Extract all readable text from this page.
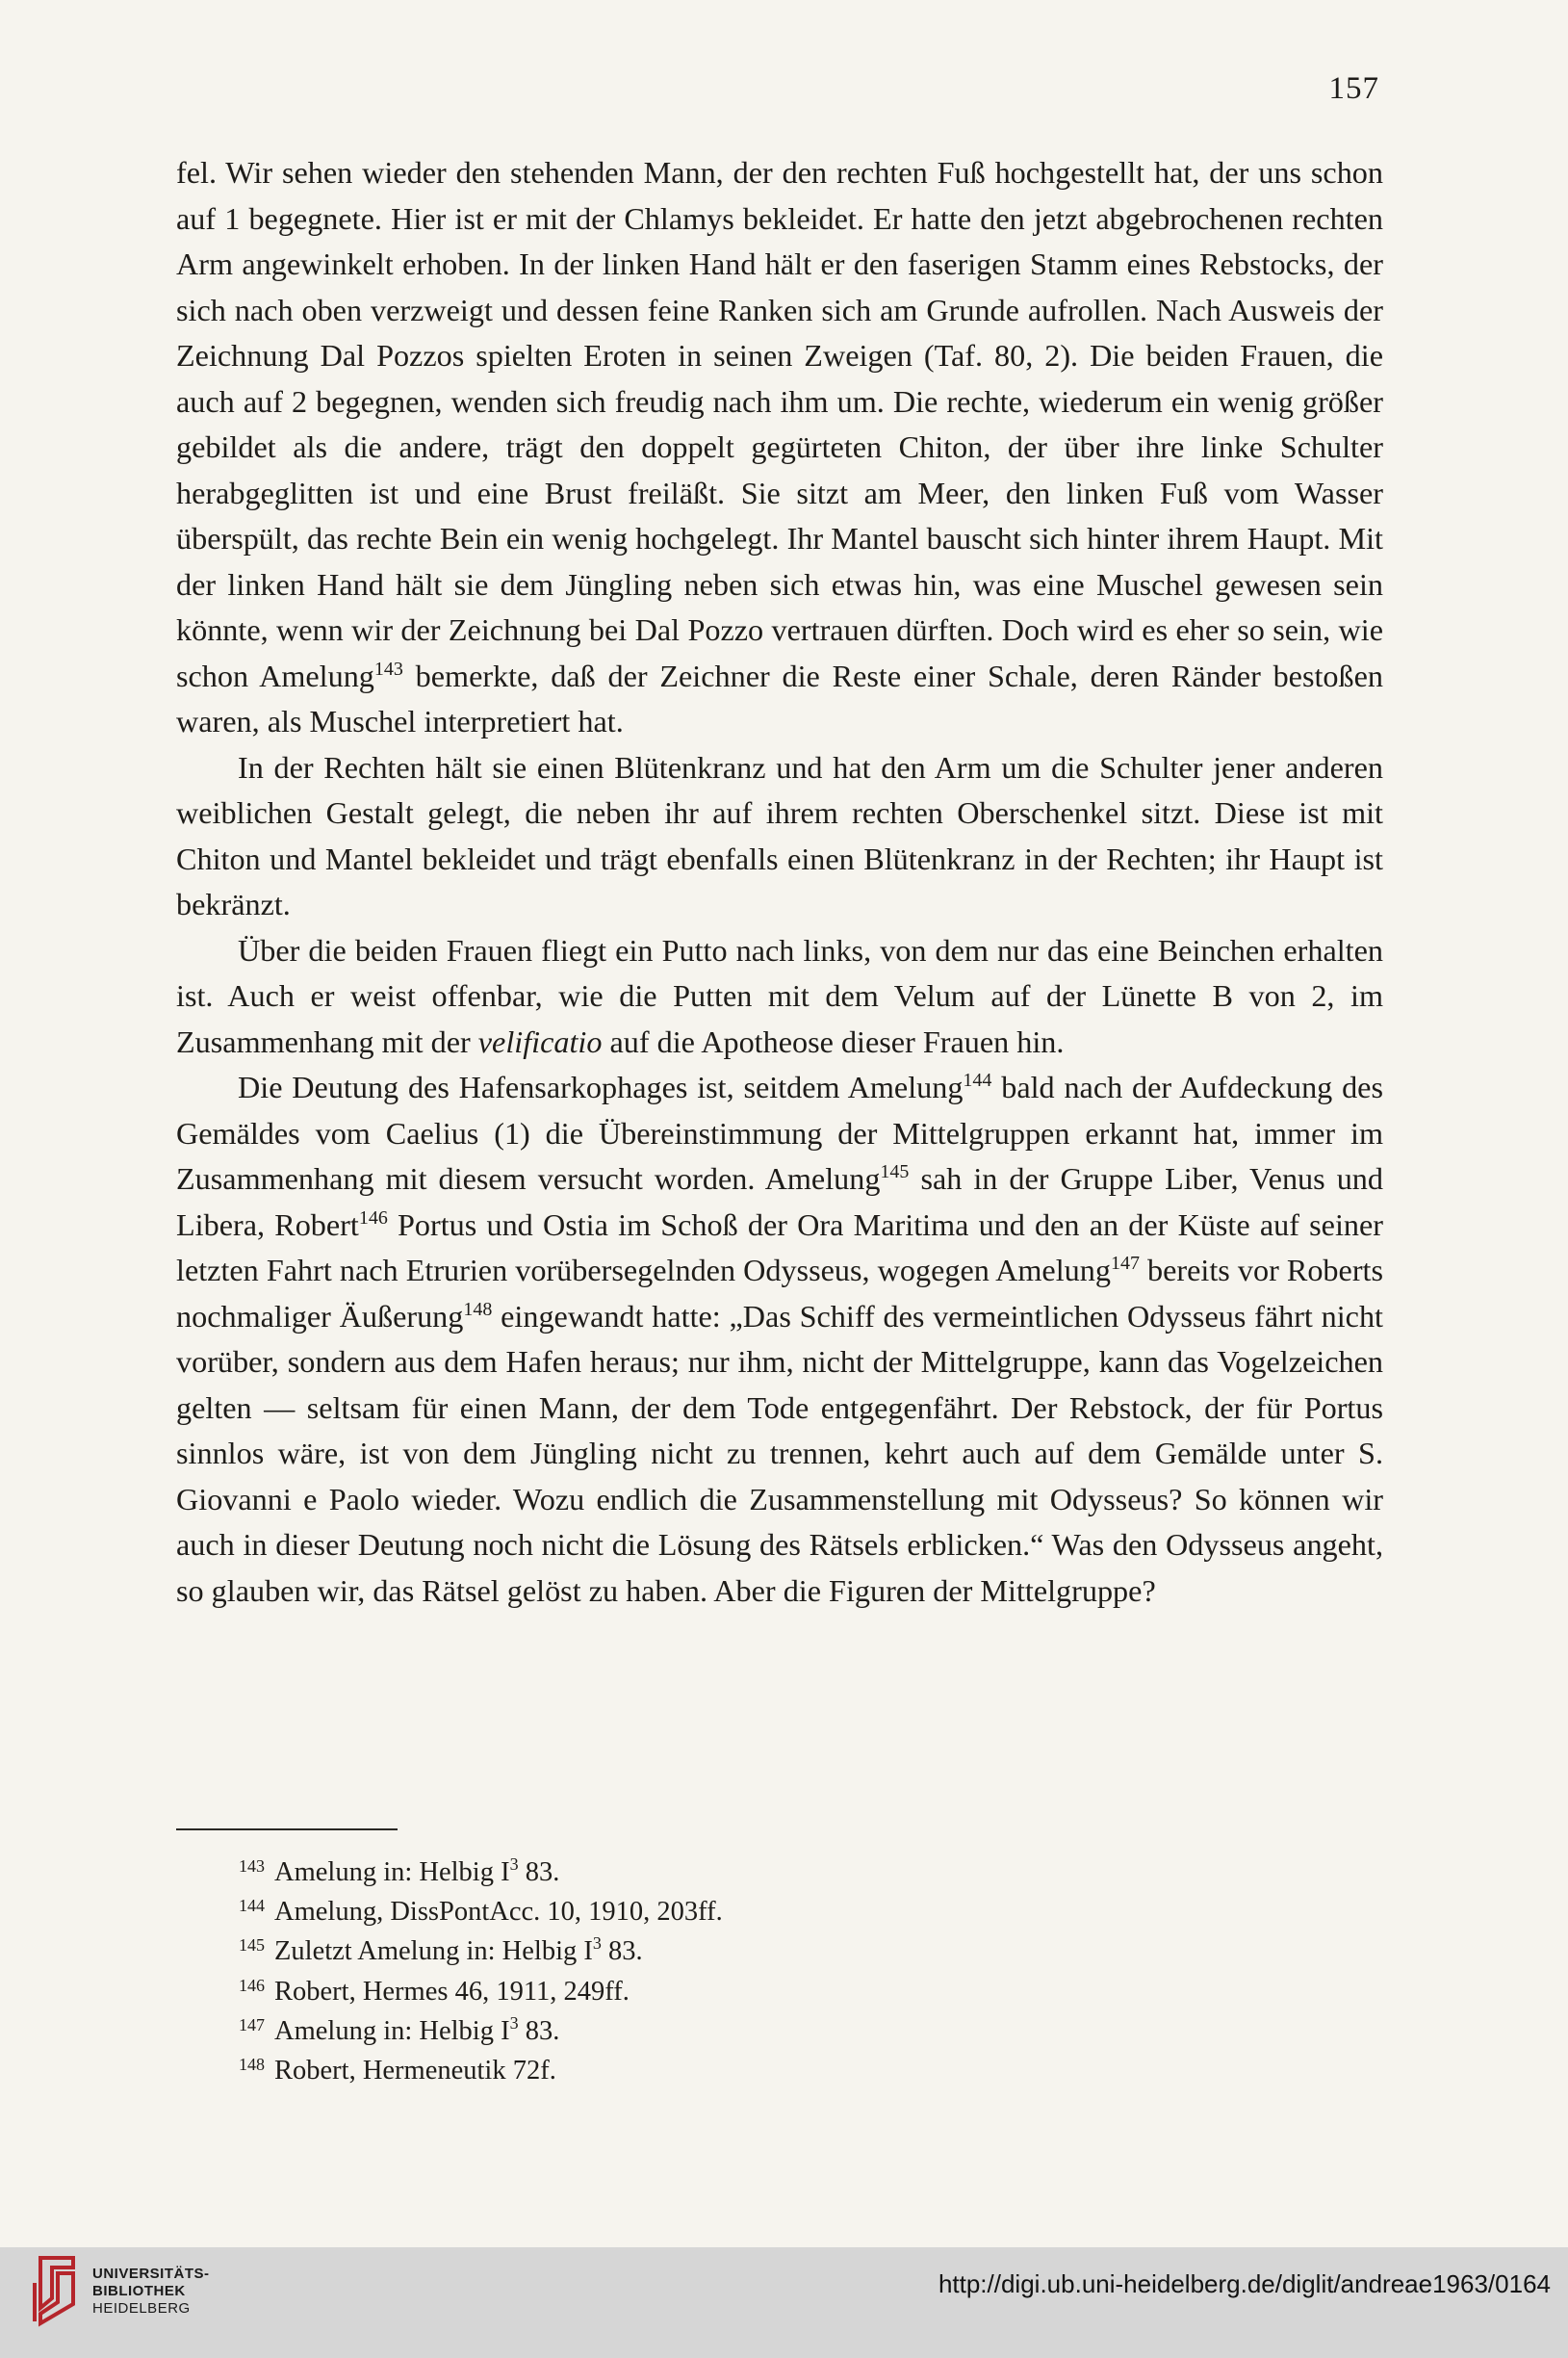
157

fel. Wir sehen wieder den stehenden Mann, der den rechten Fuß hochgestellt hat, der uns schon auf 1 begegnete. Hier ist er mit der Chlamys bekleidet. Er hatte den jetzt abgebrochenen rechten Arm angewinkelt erhoben. In der linken Hand hält er den faserigen Stamm eines Rebstocks, der sich nach oben verzweigt und dessen feine Ranken sich am Grunde aufrollen. Nach Ausweis der Zeichnung Dal Pozzos spielten Eroten in seinen Zweigen (Taf. 80, 2). Die beiden Frauen, die auch auf 2 begegnen, wenden sich freudig nach ihm um. Die rechte, wiederum ein wenig größer gebildet als die andere, trägt den doppelt gegürteten Chiton, der über ihre linke Schulter herabgeglitten ist und eine Brust freiläßt. Sie sitzt am Meer, den linken Fuß vom Wasser überspült, das rechte Bein ein wenig hochgelegt. Ihr Mantel bauscht sich hinter ihrem Haupt. Mit der linken Hand hält sie dem Jüngling neben sich etwas hin, was eine Muschel gewesen sein könnte, wenn wir der Zeichnung bei Dal Pozzo vertrauen dürften. Doch wird es eher so sein, wie schon Amelung$^{143}$ bemerkte, daß der Zeichner die Reste einer Schale, deren Ränder bestoßen waren, als Muschel interpretiert hat.

In der Rechten hält sie einen Blütenkranz und hat den Arm um die Schulter jener anderen weiblichen Gestalt gelegt, die neben ihr auf ihrem rechten Oberschenkel sitzt. Diese ist mit Chiton und Mantel bekleidet und trägt ebenfalls einen Blütenkranz in der Rechten; ihr Haupt ist bekränzt.

Über die beiden Frauen fliegt ein Putto nach links, von dem nur das eine Beinchen erhalten ist. Auch er weist offenbar, wie die Putten mit dem Velum auf der Lünette B von 2, im Zusammenhang mit der velificatio auf die Apotheose dieser Frauen hin.

Die Deutung des Hafensarkophages ist, seitdem Amelung$^{144}$ bald nach der Aufdeckung des Gemäldes vom Caelius (1) die Übereinstimmung der Mittelgruppen erkannt hat, immer im Zusammenhang mit diesem versucht worden. Amelung$^{145}$ sah in der Gruppe Liber, Venus und Libera, Robert$^{146}$ Portus und Ostia im Schoß der Ora Maritima und den an der Küste auf seiner letzten Fahrt nach Etrurien vorübersegelnden Odysseus, wogegen Amelung$^{147}$ bereits vor Roberts nochmaliger Äußerung$^{148}$ eingewandt hatte: „Das Schiff des vermeintlichen Odysseus fährt nicht vorüber, sondern aus dem Hafen heraus; nur ihm, nicht der Mittelgruppe, kann das Vogelzeichen gelten — seltsam für einen Mann, der dem Tode entgegenfährt. Der Rebstock, der für Portus sinnlos wäre, ist von dem Jüngling nicht zu trennen, kehrt auch auf dem Gemälde unter S. Giovanni e Paolo wieder. Wozu endlich die Zusammenstellung mit Odysseus? So können wir auch in dieser Deutung noch nicht die Lösung des Rätsels erblicken.“ Was den Odysseus angeht, so glauben wir, das Rätsel gelöst zu haben. Aber die Figuren der Mittelgruppe?

$^{143}$ Amelung in: Helbig $I^3$ 83.
$^{144}$ Amelung, DissPontAcc. 10, 1910, 203ff.
$^{145}$ Zuletzt Amelung in: Helbig $I^3$ 83.
$^{146}$ Robert, Hermes 46, 1911, 249ff.
$^{147}$ Amelung in: Helbig $I^3$ 83.
$^{148}$ Robert, Hermeneutik 72f.
UNIVERSITÄTS-
BIBLIOTHEK
HEIDELBERG
http://digi.ub.uni-heidelberg.de/diglit/andreae1963/0164
